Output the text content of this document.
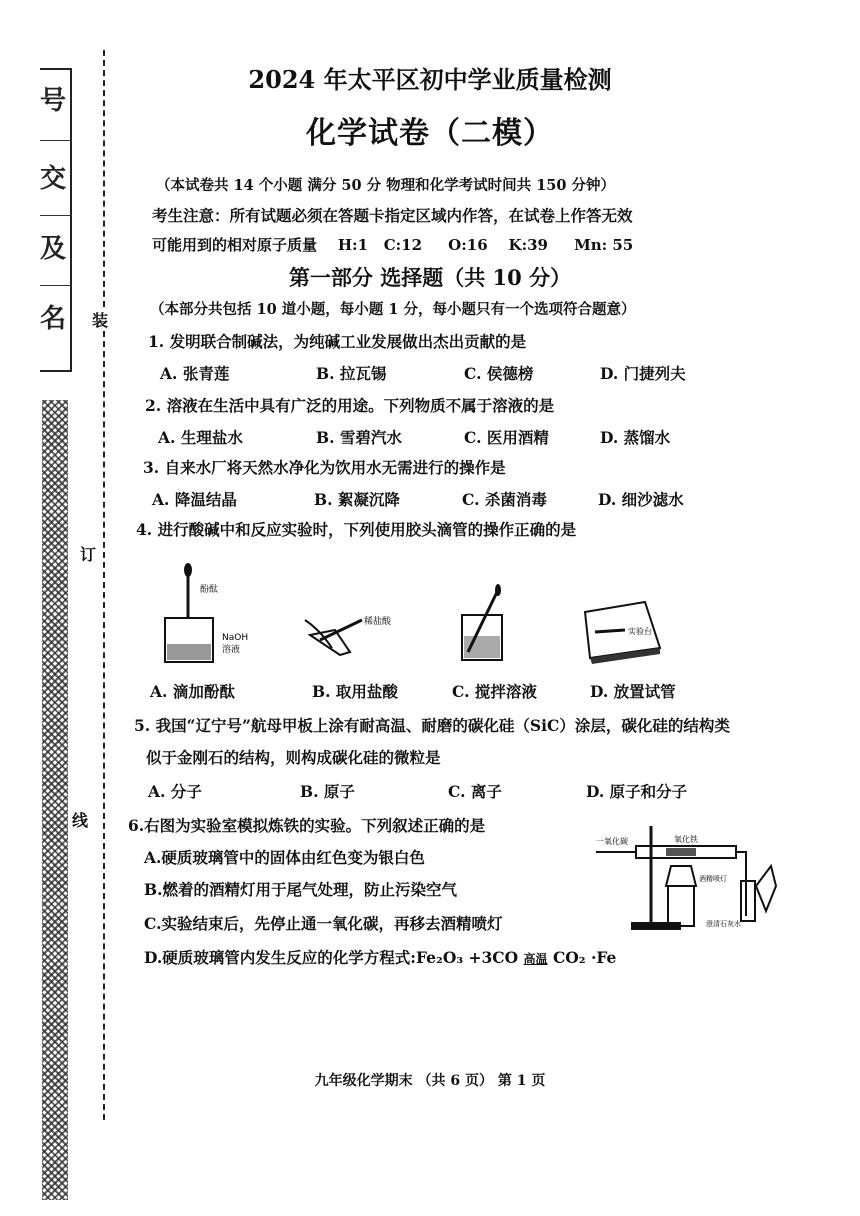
号
交
及
名 装
订
线
2024 年太平区初中学业质量检测
化学试卷（二模）
（本试卷共 14 个小题 满分 50 分 物理和化学考试时间共 150 分钟）
考生注意：所有试题必须在答题卡指定区域内作答，在试卷上作答无效
可能用到的相对原子质量    H:1   C:12     O:16    K:39     Mn: 55
第一部分 选择题（共 10 分）
（本部分共包括 10 道小题，每小题 1 分，每小题只有一个选项符合题意）
1. 发明联合制碱法，为纯碱工业发展做出杰出贡献的是
A. 张青莲	B. 拉瓦锡	C. 侯德榜	D. 门捷列夫
2. 溶液在生活中具有广泛的用途。下列物质不属于溶液的是
A. 生理盐水	B. 雪碧汽水	C. 医用酒精	D. 蒸馏水
3. 自来水厂将天然水净化为饮用水无需进行的操作是
A. 降温结晶	B. 絮凝沉降	C. 杀菌消毒	D. 细沙滤水
4. 进行酸碱中和反应实验时，下列使用胶头滴管的操作正确的是
酚酞
NaOH
溶液
稀盐酸
实验台
A. 滴加酚酞	B. 取用盐酸	C. 搅拌溶液	D. 放置试管
5. 我国“辽宁号”航母甲板上涂有耐高温、耐磨的碳化硅（SiC）涂层，碳化硅的结构类
似于金刚石的结构，则构成碳化硅的微粒是
A. 分子	B. 原子	C. 离子	D. 原子和分子
6.右图为实验室模拟炼铁的实验。下列叙述正确的是
A.硬质玻璃管中的固体由红色变为银白色
B.燃着的酒精灯用于尾气处理，防止污染空气
C.实验结束后，先停止通一氧化碳，再移去酒精喷灯
D.硬质玻璃管内发生反应的化学方程式:Fe₂O₃ +3CO 高温 CO₂ ·Fe
一氧化碳	氧化铁
酒精喷灯
澄清石灰水
九年级化学期末 （共 6 页） 第 1 页
